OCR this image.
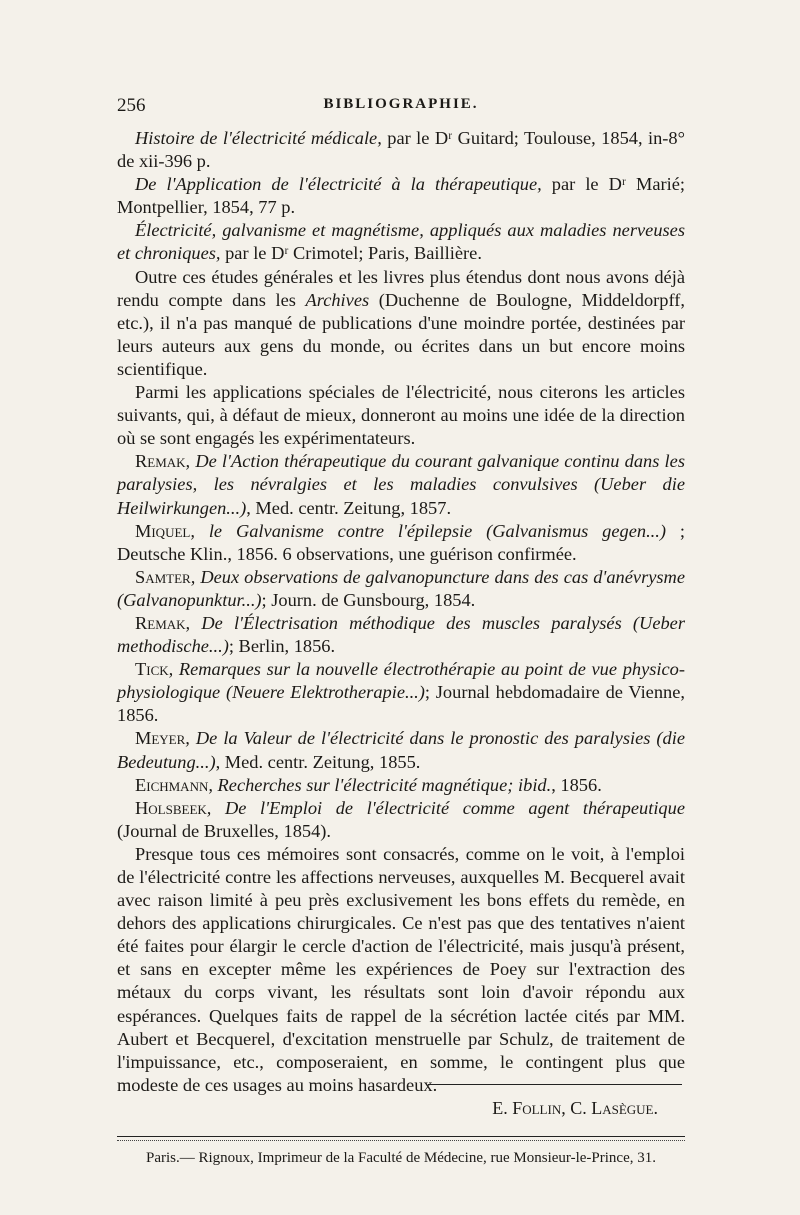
256	BIBLIOGRAPHIE.

Histoire de l'électricité médicale, par le Dʳ Guitard; Toulouse, 1854, in-8° de xii-396 p.

De l'Application de l'électricité à la thérapeutique, par le Dʳ Marié; Montpellier, 1854, 77 p.

Électricité, galvanisme et magnétisme, appliqués aux maladies nerveuses et chroniques, par le Dʳ Crimotel; Paris, Baillière.

Outre ces études générales et les livres plus étendus dont nous avons déjà rendu compte dans les Archives (Duchenne de Boulogne, Middeldorpff, etc.), il n'a pas manqué de publications d'une moindre portée, destinées par leurs auteurs aux gens du monde, ou écrites dans un but encore moins scientifique.

Parmi les applications spéciales de l'électricité, nous citerons les articles suivants, qui, à défaut de mieux, donneront au moins une idée de la direction où se sont engagés les expérimentateurs.

Remak, De l'Action thérapeutique du courant galvanique continu dans les paralysies, les névralgies et les maladies convulsives (Ueber die Heilwirkungen...), Med. centr. Zeitung, 1857.

Miquel, le Galvanisme contre l'épilepsie (Galvanismus gegen...) ; Deutsche Klin., 1856. 6 observations, une guérison confirmée.

Samter, Deux observations de galvanopuncture dans des cas d'anévrysme (Galvanopunktur...); Journ. de Gunsbourg, 1854.

Remak, De l'Électrisation méthodique des muscles paralysés (Ueber methodische...); Berlin, 1856.

Tick, Remarques sur la nouvelle électrothérapie au point de vue physico-physiologique (Neuere Elektrotherapie...); Journal hebdomadaire de Vienne, 1856.

Meyer, De la Valeur de l'électricité dans le pronostic des paralysies (die Bedeutung...), Med. centr. Zeitung, 1855.

Eichmann, Recherches sur l'électricité magnétique; ibid., 1856.

Holsbeek, De l'Emploi de l'électricité comme agent thérapeutique (Journal de Bruxelles, 1854).

Presque tous ces mémoires sont consacrés, comme on le voit, à l'emploi de l'électricité contre les affections nerveuses, auxquelles M. Becquerel avait avec raison limité à peu près exclusivement les bons effets du remède, en dehors des applications chirurgicales. Ce n'est pas que des tentatives n'aient été faites pour élargir le cercle d'action de l'électricité, mais jusqu'à présent, et sans en excepter même les expériences de Poey sur l'extraction des métaux du corps vivant, les résultats sont loin d'avoir répondu aux espérances. Quelques faits de rappel de la sécrétion lactée cités par MM. Aubert et Becquerel, d'excitation menstruelle par Schulz, de traitement de l'impuissance, etc., composeraient, en somme, le contingent plus que modeste de ces usages au moins hasardeux.

E. Follin, C. Lasègue.
Paris.— Rignoux, Imprimeur de la Faculté de Médecine, rue Monsieur-le-Prince, 31.
